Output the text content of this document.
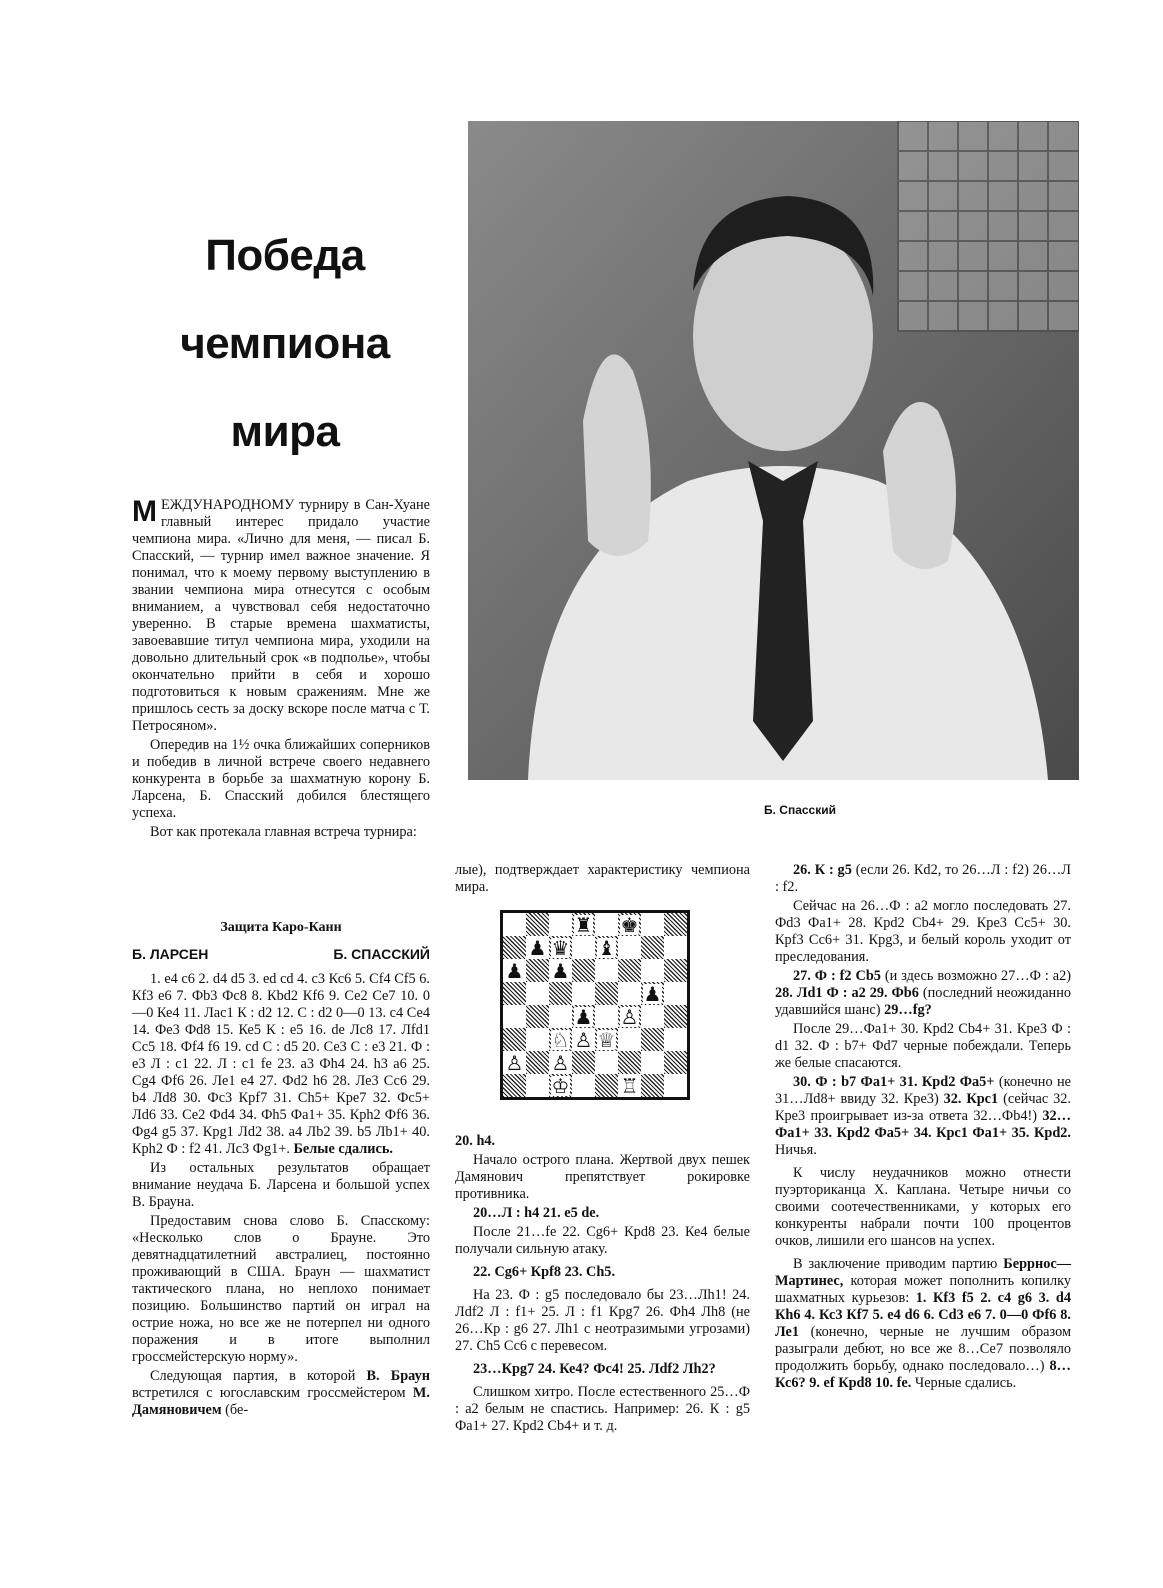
Победа
чемпиона
мира
Б. Спасский

МЕЖДУНАРОДНОМУ турниру в Сан-Хуане главный интерес придало участие чемпиона мира. «Лично для меня, — писал Б. Спасский, — турнир имел важное значение. Я понимал, что к моему первому выступлению в звании чемпиона мира отнесутся с особым вниманием, а чувствовал себя недостаточно уверенно. В старые времена шахматисты, завоевавшие титул чемпиона мира, уходили на довольно длительный срок «в подполье», чтобы окончательно прийти в себя и хорошо подготовиться к новым сражениям. Мне же пришлось сесть за доску вскоре после матча с Т. Петросяном».

Опередив на 1½ очка ближайших соперников и победив в личной встрече своего недавнего конкурента в борьбе за шахматную корону Б. Ларсена, Б. Спасский добился блестящего успеха.

Вот как протекала главная встреча турнира:

Защита Каро-Канн
Б. ЛАРСЕН	Б. СПАССКИЙ

1. е4 с6 2. d4 d5 3. ed cd 4. с3 Кс6 5. Сf4 Сf5 6. Кf3 е6 7. Фb3 Фс8 8. Кbd2 Кf6 9. Се2 Се7 10. 0—0 Ке4 11. Лас1 К : d2 12. С : d2 0—0 13. с4 Се4 14. Фе3 Фd8 15. Ке5 К : е5 16. de Лс8 17. Лfd1 Сс5 18. Фf4 f6 19. cd С : d5 20. Се3 С : е3 21. Ф : е3 Л : с1 22. Л : с1 fе 23. а3 Фh4 24. h3 а6 25. Сg4 Фf6 26. Ле1 е4 27. Фd2 h6 28. Ле3 Сс6 29. b4 Лd8 30. Фс3 Кpf7 31. Сh5+ Кpе7 32. Фс5+ Лd6 33. Се2 Фd4 34. Фh5 Фа1+ 35. Кph2 Фf6 36. Фg4 g5 37. Кpg1 Лd2 38. а4 Лb2 39. b5 Лb1+ 40. Кph2 Ф : f2 41. Лс3 Фg1+. Белые сдались.

Из остальных результатов обращает внимание неудача Б. Ларсена и большой успех В. Брауна.

Предоставим снова слово Б. Спасскому: «Несколько слов о Брауне. Это девятнадцатилетний австралиец, постоянно проживающий в США. Браун — шахматист тактического плана, но неплохо понимает позицию. Большинство партий он играл на острие ножа, но все же не потерпел ни одного поражения и в итоге выполнил гроссмейстерскую норму».

Следующая партия, в которой В. Браун встретился с югославским гроссмейстером М. Дамяновичем (бе-

лые), подтверждает характеристику чемпиона мира.

♜ ♚
♟ ♛ ♝
♟ ♟
♟
♟ ♙
♘ ♙ ♕
♙ ♙
♔	♖

20. h4.

Начало острого плана. Жертвой двух пешек Дамянович препятствует рокировке противника.

20…Л : h4 21. е5 de.

После 21…fe 22. Сg6+ Кpd8 23. Ке4 белые получали сильную атаку.

22. Сg6+ Кpf8 23. Сh5.

На 23. Ф : g5 последовало бы 23…Лh1! 24. Лdf2 Л : f1+ 25. Л : f1 Кpg7 26. Фh4 Лh8 (не 26…Кр : g6 27. Лh1 с неотразимыми угрозами) 27. Сh5 Сс6 с перевесом.

23…Кpg7 24. Ке4? Фс4! 25. Лdf2 Лh2?

Слишком хитро. После естественного 25…Ф : а2 белым не спастись. Например: 26. К : g5 Фа1+ 27. Кpd2 Сb4+ и т. д.

26. К : g5 (если 26. Кd2, то 26…Л : f2) 26…Л : f2.

Сейчас на 26…Ф : а2 могло последовать 27. Фd3 Фа1+ 28. Кpd2 Сb4+ 29. Кре3 Сс5+ 30. Кpf3 Сс6+ 31. Кpg3, и белый король уходит от преследования.

27. Ф : f2 Сb5 (и здесь возможно 27…Ф : а2) 28. Лd1 Ф : а2 29. Фb6 (последний неожиданно удавшийся шанс) 29…fg?

После 29…Фа1+ 30. Кpd2 Сb4+ 31. Кре3 Ф : d1 32. Ф : b7+ Фd7 черные побеждали. Теперь же белые спасаются.

30. Ф : b7 Фа1+ 31. Кpd2 Фа5+ (конечно не 31…Лd8+ ввиду 32. Кре3) 32. Крс1 (сейчас 32. Кре3 проигрывает из-за ответа 32…Фb4!) 32…Фа1+ 33. Кpd2 Фа5+ 34. Крс1 Фа1+ 35. Кpd2. Ничья.

К числу неудачников можно отнести пуэрториканца Х. Каплана. Четыре ничьи со своими соотечественниками, у которых его конкуренты набрали почти 100 процентов очков, лишили его шансов на успех.

В заключение приводим партию Беррнос—Мартинес, которая может пополнить копилку шахматных курьезов: 1. Кf3 f5 2. с4 g6 3. d4 Кh6 4. Кс3 Кf7 5. е4 d6 6. Сd3 е6 7. 0—0 Фf6 8. Ле1 (конечно, черные не лучшим образом разыграли дебют, но все же 8…Се7 позволяло продолжить борьбу, однако последовало…) 8…Кс6? 9. еf Кpd8 10. fе. Черные сдались.
